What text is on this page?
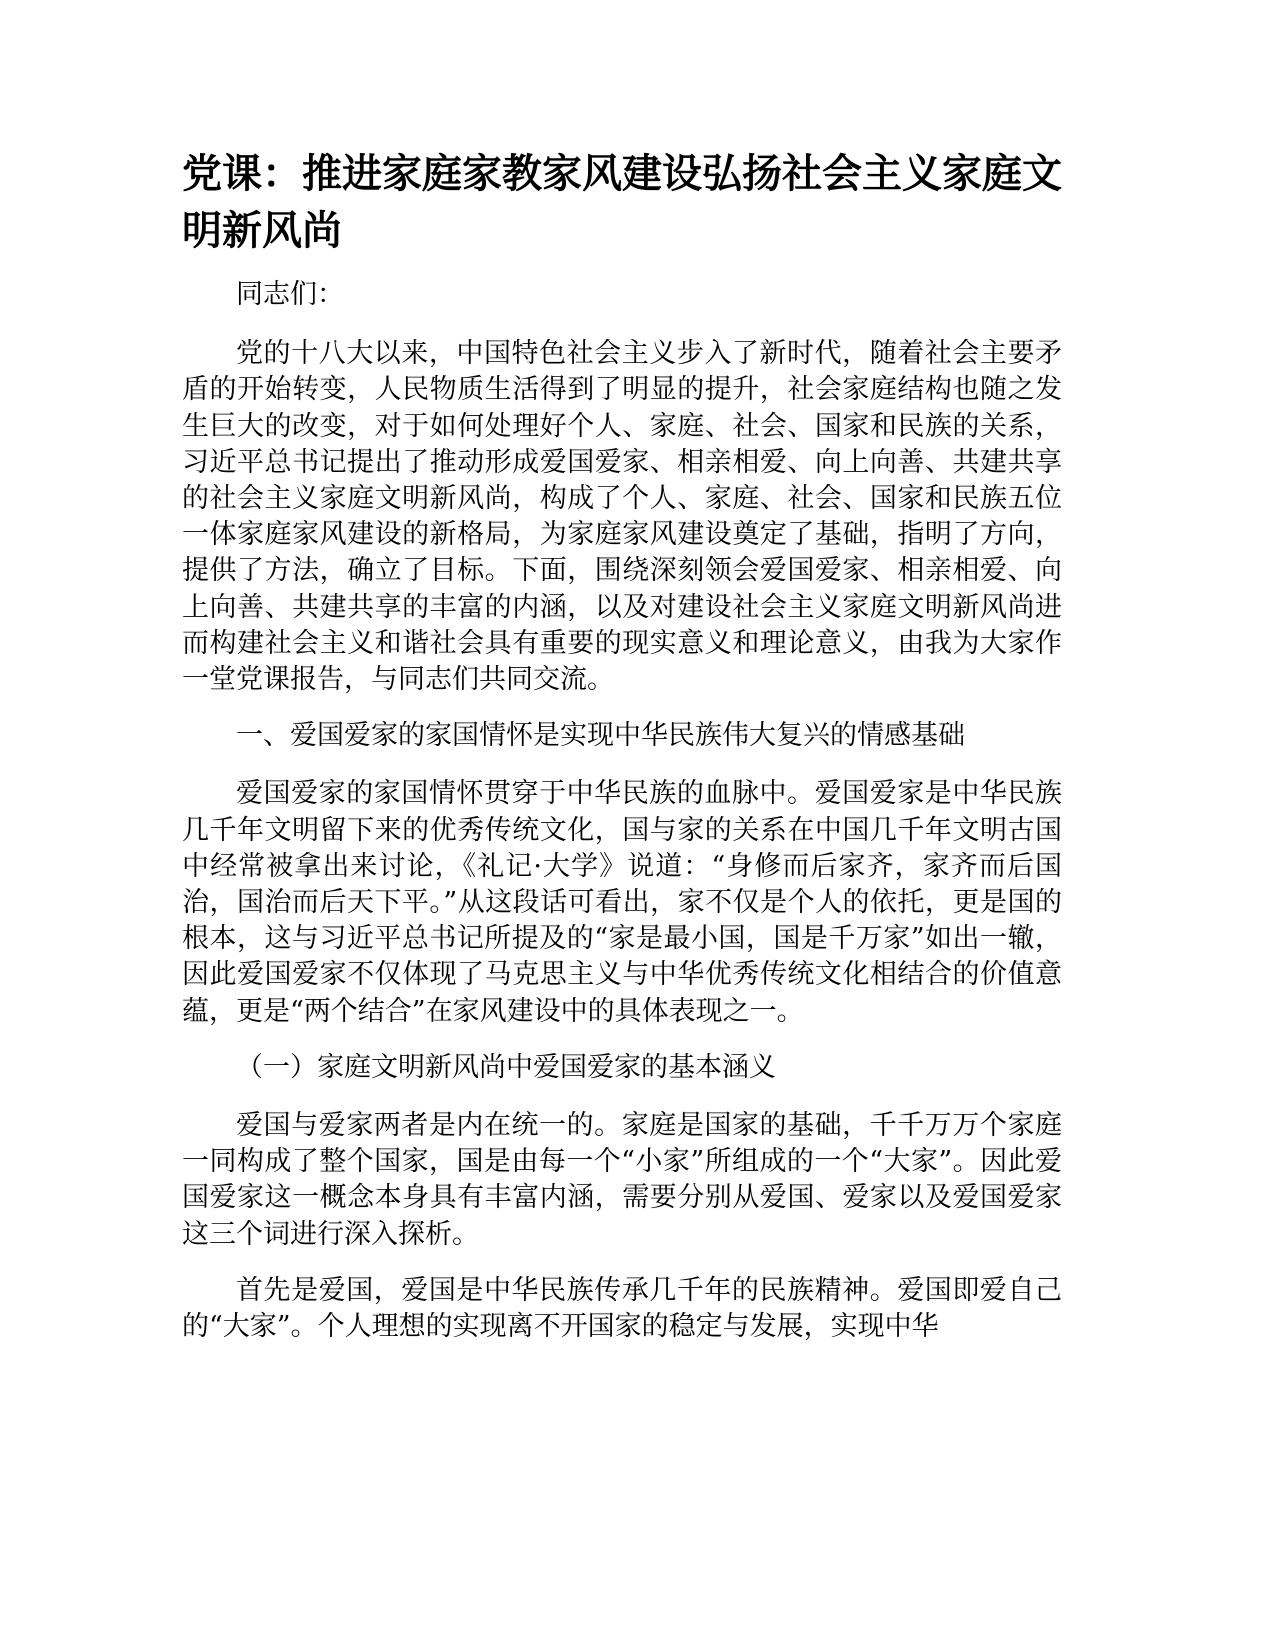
党课：推进家庭家教家风建设弘扬社会主义家庭文明新风尚

同志们：

党的十八大以来，中国特色社会主义步入了新时代，随着社会主要矛盾的开始转变，人民物质生活得到了明显的提升，社会家庭结构也随之发生巨大的改变，对于如何处理好个人、家庭、社会、国家和民族的关系，习近平总书记提出了推动形成爱国爱家、相亲相爱、向上向善、共建共享的社会主义家庭文明新风尚，构成了个人、家庭、社会、国家和民族五位一体家庭家风建设的新格局，为家庭家风建设奠定了基础，指明了方向，提供了方法，确立了目标。下面，围绕深刻领会爱国爱家、相亲相爱、向上向善、共建共享的丰富的内涵，以及对建设社会主义家庭文明新风尚进而构建社会主义和谐社会具有重要的现实意义和理论意义，由我为大家作一堂党课报告，与同志们共同交流。

一、爱国爱家的家国情怀是实现中华民族伟大复兴的情感基础

爱国爱家的家国情怀贯穿于中华民族的血脉中。爱国爱家是中华民族几千年文明留下来的优秀传统文化，国与家的关系在中国几千年文明古国中经常被拿出来讨论，《礼记·大学》说道：“身修而后家齐，家齐而后国治，国治而后天下平。”从这段话可看出，家不仅是个人的依托，更是国的根本，这与习近平总书记所提及的“家是最小国，国是千万家”如出一辙，因此爱国爱家不仅体现了马克思主义与中华优秀传统文化相结合的价值意蕴，更是“两个结合”在家风建设中的具体表现之一。

（一）家庭文明新风尚中爱国爱家的基本涵义

爱国与爱家两者是内在统一的。家庭是国家的基础，千千万万个家庭一同构成了整个国家，国是由每一个“小家”所组成的一个“大家”。因此爱国爱家这一概念本身具有丰富内涵，需要分别从爱国、爱家以及爱国爱家这三个词进行深入探析。

首先是爱国，爱国是中华民族传承几千年的民族精神。爱国即爱自己的“大家”。个人理想的实现离不开国家的稳定与发展，实现中华
